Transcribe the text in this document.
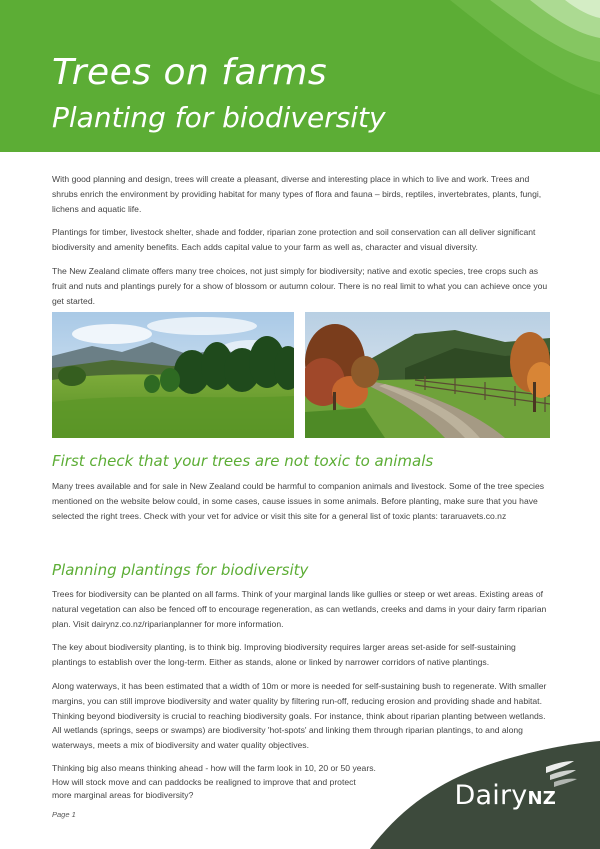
Trees on farms
Planting for biodiversity

With good planning and design, trees will create a pleasant, diverse and interesting place in which to live and work. Trees and shrubs enrich the environment by providing habitat for many types of flora and fauna – birds, reptiles, invertebrates, plants, fungi, lichens and aquatic life.

Plantings for timber, livestock shelter, shade and fodder, riparian zone protection and soil conservation can all deliver significant biodiversity and amenity benefits. Each adds capital value to your farm as well as, character and visual diversity.

The New Zealand climate offers many tree choices, not just simply for biodiversity; native and exotic species, tree crops such as fruit and nuts and plantings purely for a show of blossom or autumn colour. There is no real limit to what you can achieve once you get started.

First check that your trees are not toxic to animals

Many trees available and for sale in New Zealand could be harmful to companion animals and livestock. Some of the tree species mentioned on the website below could, in some cases, cause issues in some animals. Before planting, make sure that you have selected the right trees. Check with your vet for advice or visit this site for a general list of toxic plants: tararuavets.co.nz

Planning plantings for biodiversity

Trees for biodiversity can be planted on all farms. Think of your marginal lands like gullies or steep or wet areas. Existing areas of natural vegetation can also be fenced off to encourage regeneration, as can wetlands, creeks and dams in your dairy farm riparian plan. Visit dairynz.co.nz/riparianplanner for more information.

The key about biodiversity planting, is to think big. Improving biodiversity requires larger areas set-aside for self-sustaining plantings to establish over the long-term. Either as stands, alone or linked by narrower corridors of native plantings.

Along waterways, it has been estimated that a width of 10m or more is needed for self-sustaining bush to regenerate. With smaller margins, you can still improve biodiversity and water quality by filtering run-off, reducing erosion and providing shade and habitat. Thinking beyond biodiversity is crucial to reaching biodiversity goals. For instance, think about riparian planting between wetlands. All wetlands (springs, seeps or swamps) are biodiversity 'hot-spots' and linking them through riparian plantings, to and along waterways, meets a mix of biodiversity and water quality objectives.

Thinking big also means thinking ahead - how will the farm look in 10, 20 or 50 years.
How will stock move and can paddocks be realigned to improve that and protect
more marginal areas for biodiversity?	DairyNZ
Page 1
